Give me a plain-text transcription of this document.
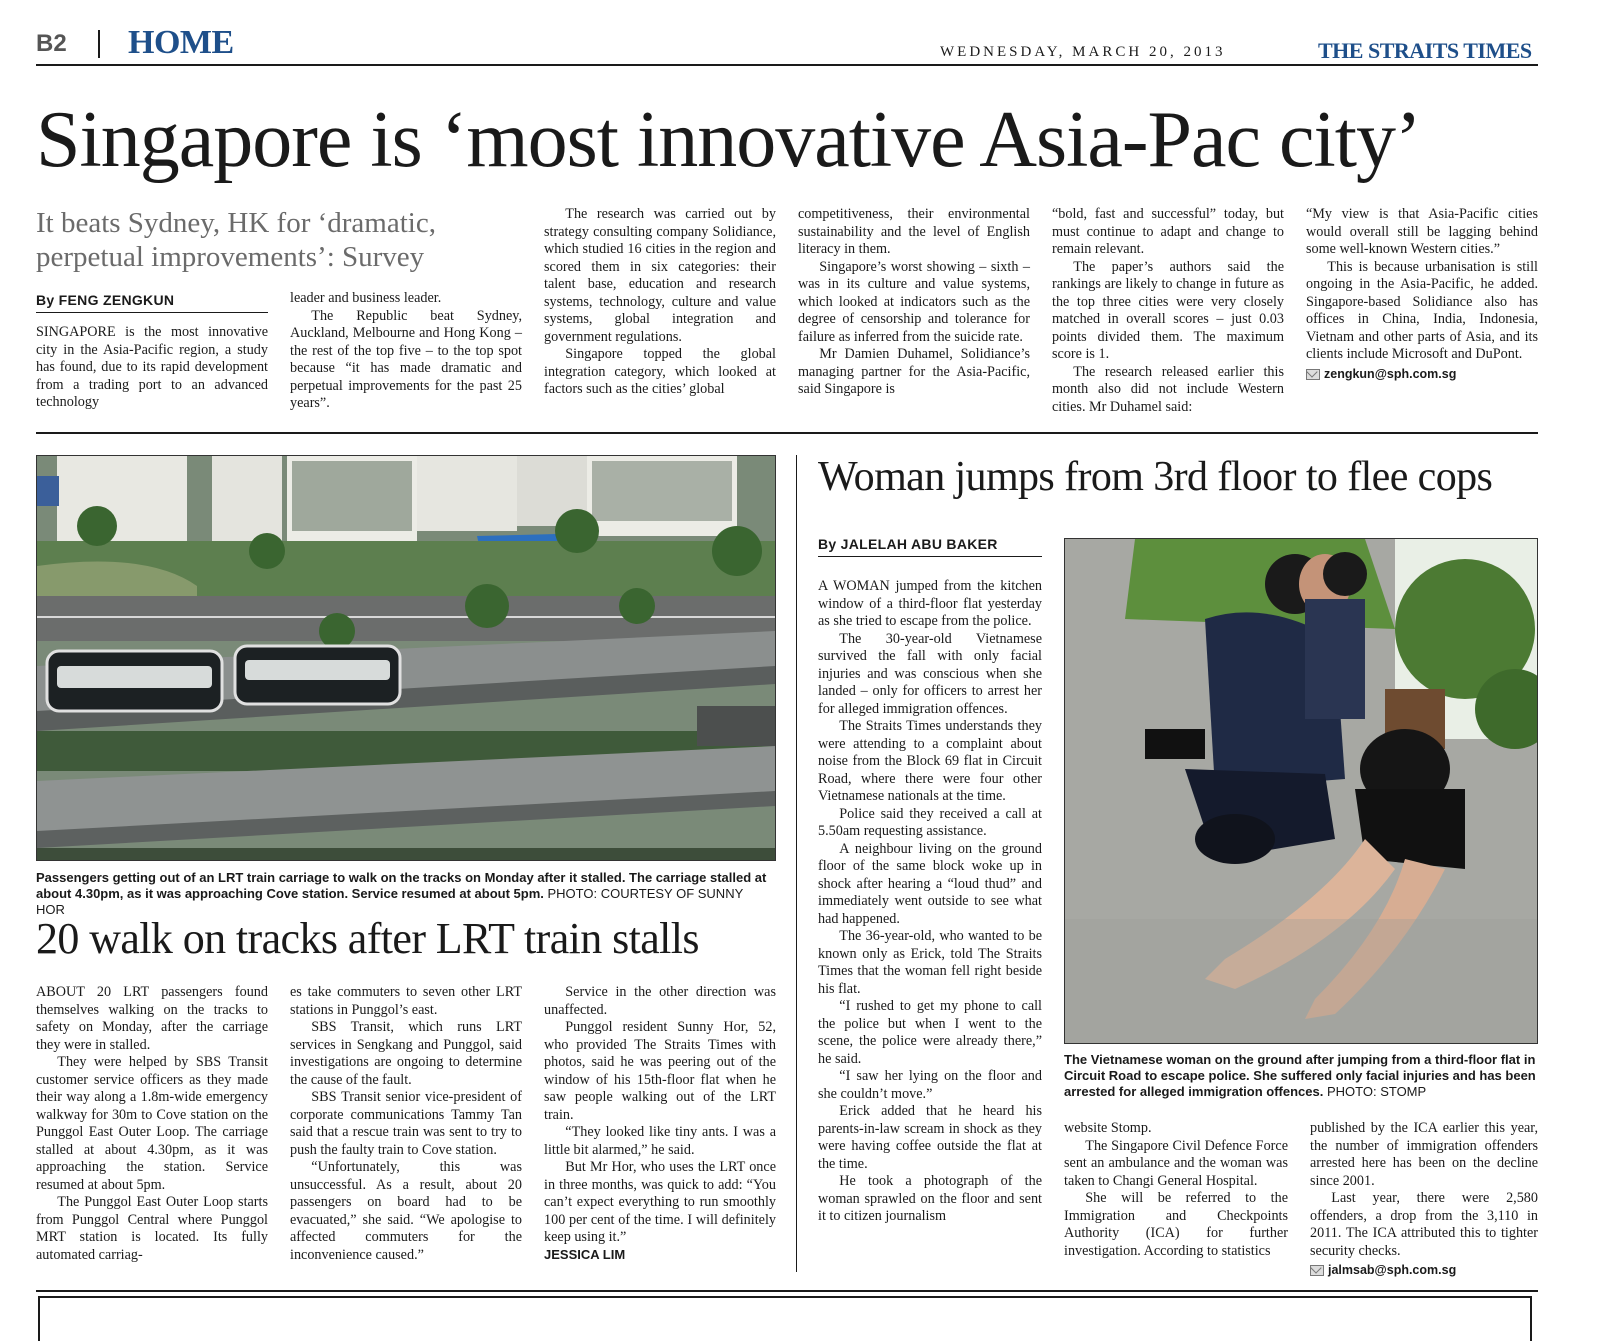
B2 HOME	WEDNESDAY, MARCH 20, 2013	THE STRAITS TIMES
Singapore is ‘most innovative Asia-Pac city’
It beats Sydney, HK for ‘dramatic, perpetual improvements’: Survey
By FENG ZENGKUN

SINGAPORE is the most innovative city in the Asia-Pacific region, a study has found, due to its rapid development from a trading port to an advanced technology

leader and business leader.

The Republic beat Sydney, Auckland, Melbourne and Hong Kong – the rest of the top five – to the top spot because “it has made dramatic and perpetual improvements for the past 25 years”.

The research was carried out by strategy consulting company Solidiance, which studied 16 cities in the region and scored them in six categories: their talent base, education and research systems, technology, culture and value systems, global integration and government regulations.

Singapore topped the global integration category, which looked at factors such as the cities’ global

competitiveness, their environmental sustainability and the level of English literacy in them.

Singapore’s worst showing – sixth – was in its culture and value systems, which looked at indicators such as the degree of censorship and tolerance for failure as inferred from the suicide rate.

Mr Damien Duhamel, Solidiance’s managing partner for the Asia-Pacific, said Singapore is

“bold, fast and successful” today, but must continue to adapt and change to remain relevant.

The paper’s authors said the rankings are likely to change in future as the top three cities were very closely matched in overall scores – just 0.03 points divided them. The maximum score is 1.

The research released earlier this month also did not include Western cities. Mr Duhamel said:

“My view is that Asia-Pacific cities would overall still be lagging behind some well-known Western cities.”

This is because urbanisation is still ongoing in the Asia-Pacific, he added. Singapore-based Solidiance also has offices in China, India, Indonesia, Vietnam and other parts of Asia, and its clients include Microsoft and DuPont.

zengkun@sph.com.sg

Passengers getting out of an LRT train carriage to walk on the tracks on Monday after it stalled. The carriage stalled at about 4.30pm, as it was approaching Cove station. Service resumed at about 5pm. PHOTO: COURTESY OF SUNNY HOR
20 walk on tracks after LRT train stalls

ABOUT 20 LRT passengers found themselves walking on the tracks to safety on Monday, after the carriage they were in stalled.

They were helped by SBS Transit customer service officers as they made their way along a 1.8m-wide emergency walkway for 30m to Cove station on the Punggol East Outer Loop. The carriage stalled at about 4.30pm, as it was approaching the station. Service resumed at about 5pm.

The Punggol East Outer Loop starts from Punggol Central where Punggol MRT station is located. Its fully automated carriag-

es take commuters to seven other LRT stations in Punggol’s east.

SBS Transit, which runs LRT services in Sengkang and Punggol, said investigations are ongoing to determine the cause of the fault.

SBS Transit senior vice-president of corporate communications Tammy Tan said that a rescue train was sent to try to push the faulty train to Cove station.

“Unfortunately, this was unsuccessful. As a result, about 20 passengers on board had to be evacuated,” she said. “We apologise to affected commuters for the inconvenience caused.”

Service in the other direction was unaffected.

Punggol resident Sunny Hor, 52, who provided The Straits Times with photos, said he was peering out of the window of his 15th-floor flat when he saw people walking out of the LRT train.

“They looked like tiny ants. I was a little bit alarmed,” he said.

But Mr Hor, who uses the LRT once in three months, was quick to add: “You can’t expect everything to run smoothly 100 per cent of the time. I will definitely keep using it.”

JESSICA LIM

Woman jumps from 3rd floor to flee cops
By JALELAH ABU BAKER

A WOMAN jumped from the kitchen window of a third-floor flat yesterday as she tried to escape from the police.

The 30-year-old Vietnamese survived the fall with only facial injuries and was conscious when she landed – only for officers to arrest her for alleged immigration offences.

The Straits Times understands they were attending to a complaint about noise from the Block 69 flat in Circuit Road, where there were four other Vietnamese nationals at the time.

Police said they received a call at 5.50am requesting assistance.

A neighbour living on the ground floor of the same block woke up in shock after hearing a “loud thud” and immediately went outside to see what had happened.

The 36-year-old, who wanted to be known only as Erick, told The Straits Times that the woman fell right beside his flat.

“I rushed to get my phone to call the police but when I went to the scene, the police were already there,” he said.

“I saw her lying on the floor and she couldn’t move.”

Erick added that he heard his parents-in-law scream in shock as they were having coffee outside the flat at the time.

He took a photograph of the woman sprawled on the floor and sent it to citizen journalism

The Vietnamese woman on the ground after jumping from a third-floor flat in Circuit Road to escape police. She suffered only facial injuries and has been arrested for alleged immigration offences. PHOTO: STOMP

website Stomp.

The Singapore Civil Defence Force sent an ambulance and the woman was taken to Changi General Hospital.

She will be referred to the Immigration and Checkpoints Authority (ICA) for further investigation. According to statistics

published by the ICA earlier this year, the number of immigration offenders arrested here has been on the decline since 2001.

Last year, there were 2,580 offenders, a drop from the 3,110 in 2011. The ICA attributed this to tighter security checks.

jalmsab@sph.com.sg
